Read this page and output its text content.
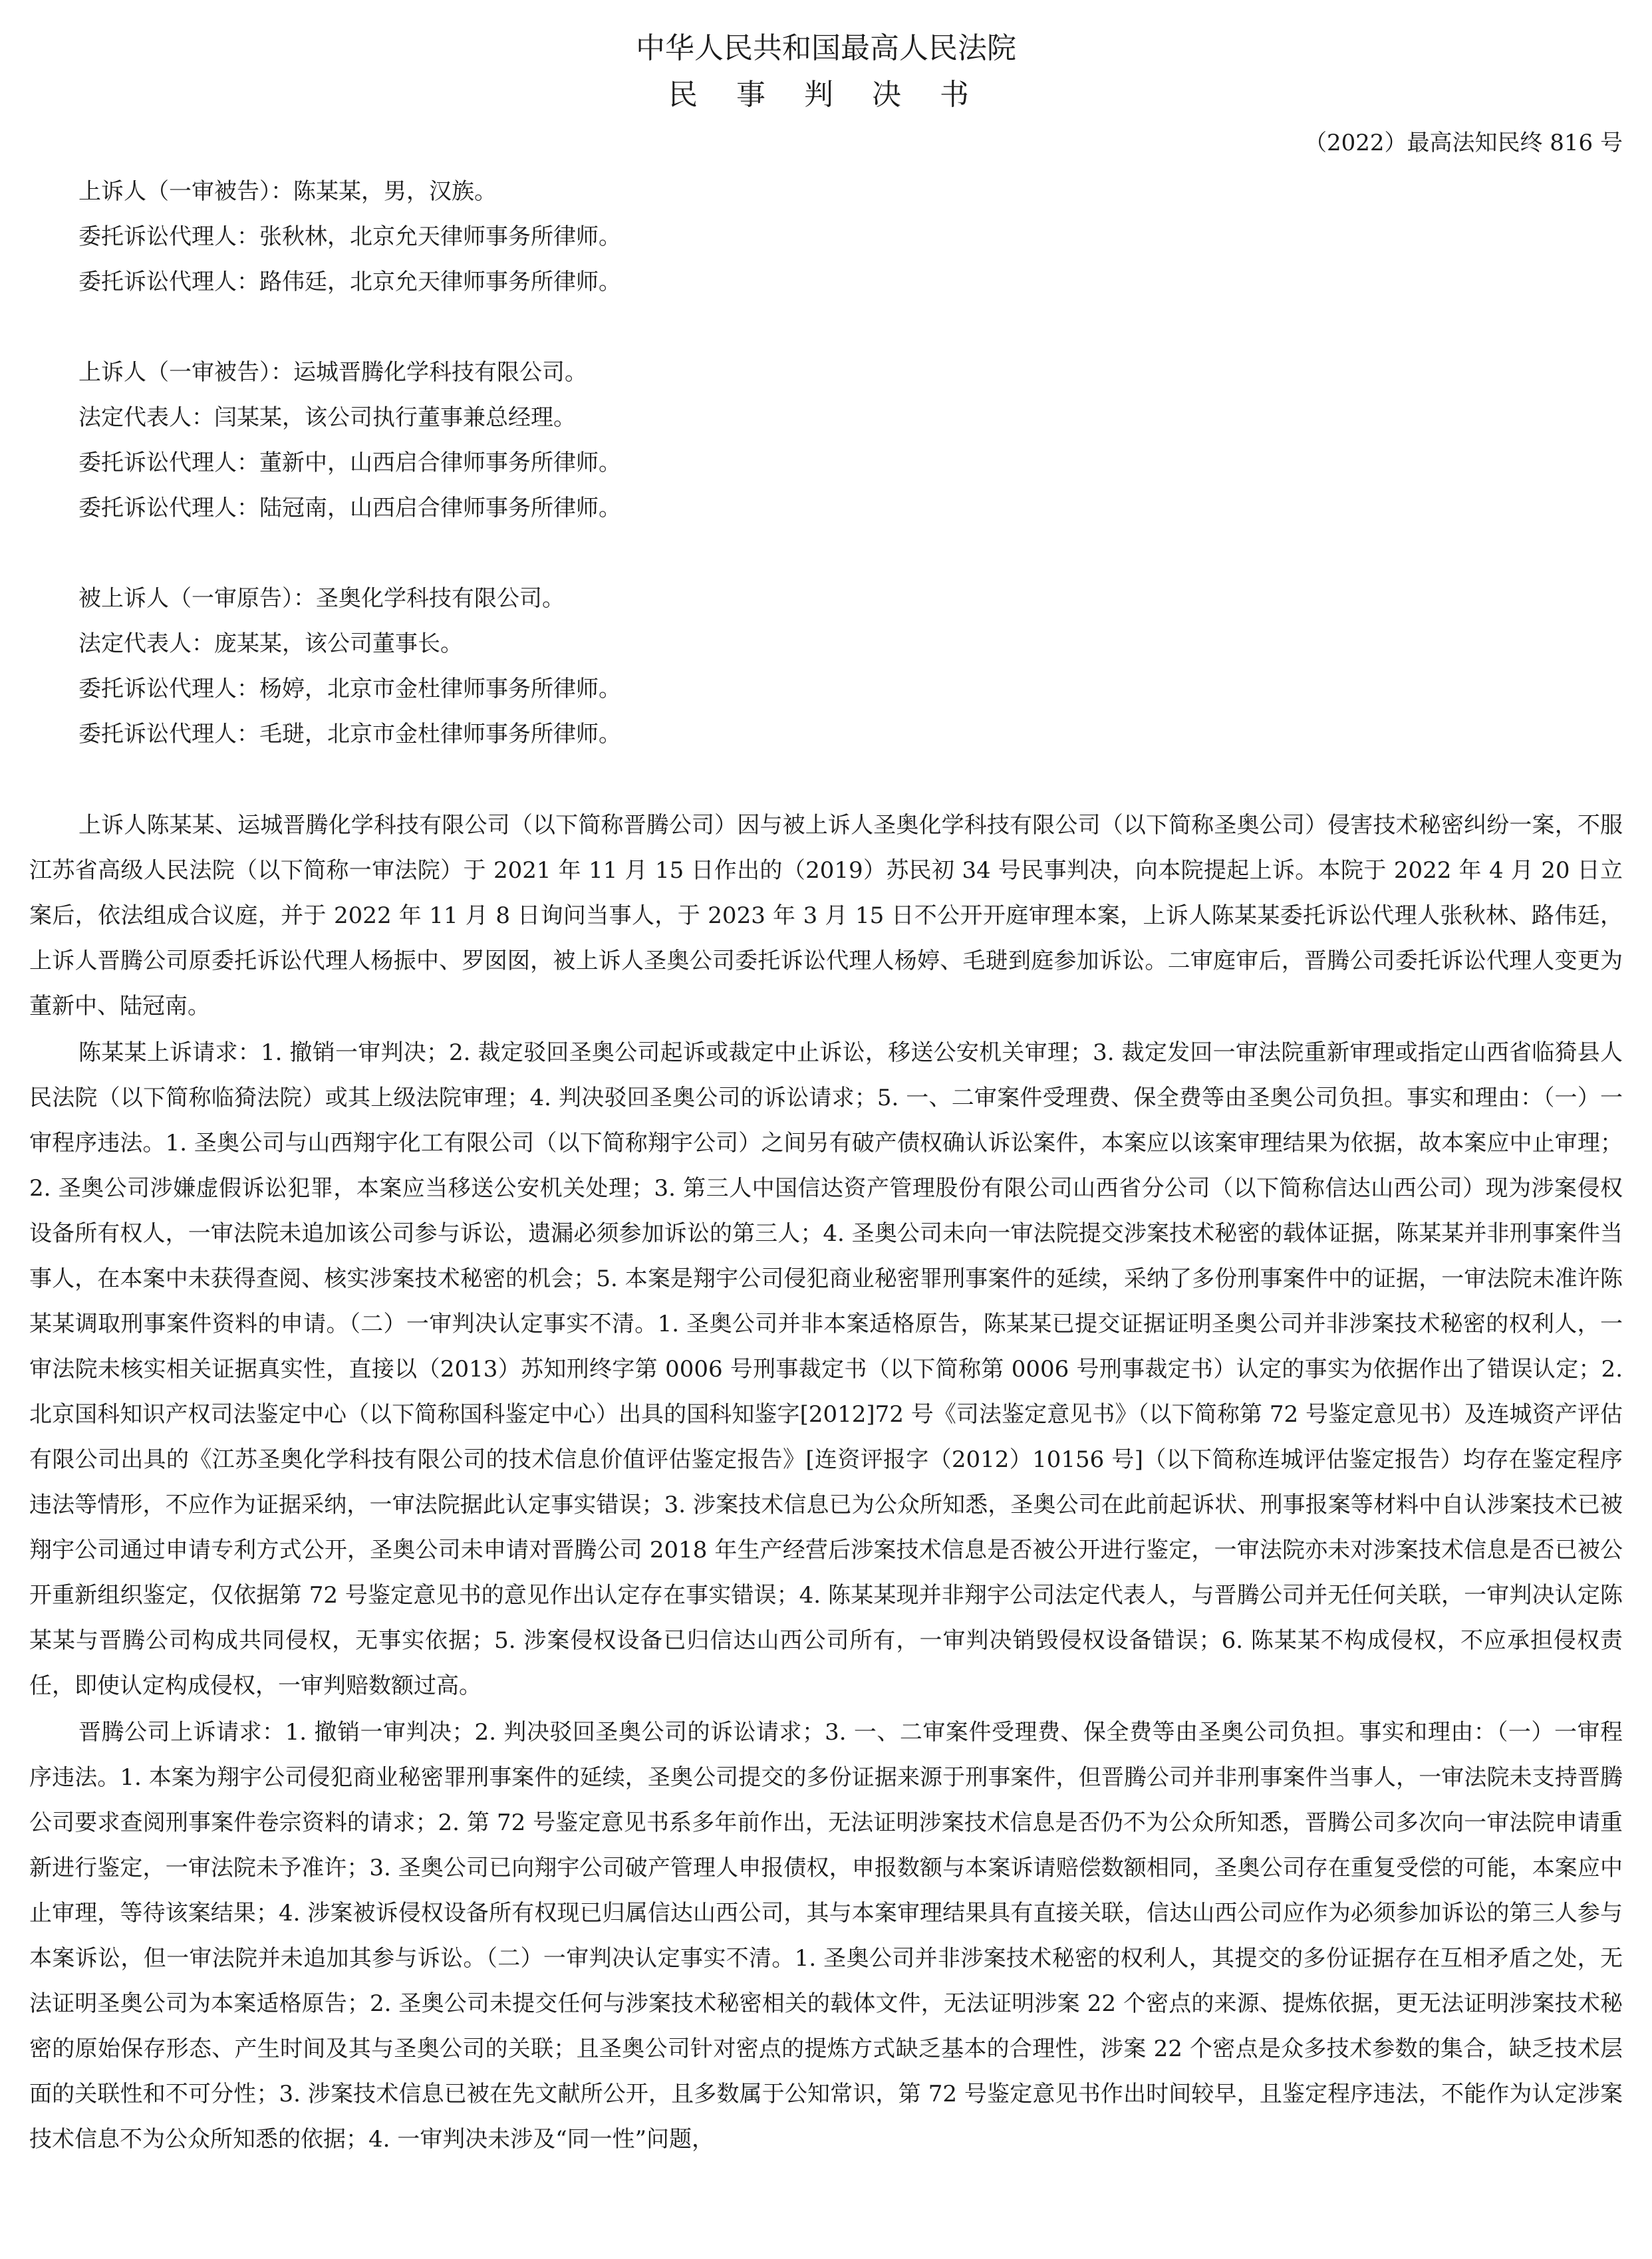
中华人民共和国最高人民法院
民 事 判 决 书
（2022）最高法知民终 816 号
上诉人（一审被告）：陈某某，男，汉族。
委托诉讼代理人：张秋林，北京允天律师事务所律师。
委托诉讼代理人：路伟廷，北京允天律师事务所律师。
上诉人（一审被告）：运城晋腾化学科技有限公司。
法定代表人：闫某某，该公司执行董事兼总经理。
委托诉讼代理人：董新中，山西启合律师事务所律师。
委托诉讼代理人：陆冠南，山西启合律师事务所律师。
被上诉人（一审原告）：圣奥化学科技有限公司。
法定代表人：庞某某，该公司董事长。
委托诉讼代理人：杨婷，北京市金杜律师事务所律师。
委托诉讼代理人：毛琎，北京市金杜律师事务所律师。

上诉人陈某某、运城晋腾化学科技有限公司（以下简称晋腾公司）因与被上诉人圣奥化学科技有限公司（以下简称圣奥公司）侵害技术秘密纠纷一案，不服江苏省高级人民法院（以下简称一审法院）于 2021 年 11 月 15 日作出的（2019）苏民初 34 号民事判决，向本院提起上诉。本院于 2022 年 4 月 20 日立案后，依法组成合议庭，并于 2022 年 11 月 8 日询问当事人，于 2023 年 3 月 15 日不公开开庭审理本案，上诉人陈某某委托诉讼代理人张秋林、路伟廷，上诉人晋腾公司原委托诉讼代理人杨振中、罗囡囡，被上诉人圣奥公司委托诉讼代理人杨婷、毛琎到庭参加诉讼。二审庭审后，晋腾公司委托诉讼代理人变更为董新中、陆冠南。

陈某某上诉请求：1. 撤销一审判决；2. 裁定驳回圣奥公司起诉或裁定中止诉讼，移送公安机关审理；3. 裁定发回一审法院重新审理或指定山西省临猗县人民法院（以下简称临猗法院）或其上级法院审理；4. 判决驳回圣奥公司的诉讼请求；5. 一、二审案件受理费、保全费等由圣奥公司负担。事实和理由：（一）一审程序违法。1. 圣奥公司与山西翔宇化工有限公司（以下简称翔宇公司）之间另有破产债权确认诉讼案件，本案应以该案审理结果为依据，故本案应中止审理；2. 圣奥公司涉嫌虚假诉讼犯罪，本案应当移送公安机关处理；3. 第三人中国信达资产管理股份有限公司山西省分公司（以下简称信达山西公司）现为涉案侵权设备所有权人，一审法院未追加该公司参与诉讼，遗漏必须参加诉讼的第三人；4. 圣奥公司未向一审法院提交涉案技术秘密的载体证据，陈某某并非刑事案件当事人，在本案中未获得查阅、核实涉案技术秘密的机会；5. 本案是翔宇公司侵犯商业秘密罪刑事案件的延续，采纳了多份刑事案件中的证据，一审法院未准许陈某某调取刑事案件资料的申请。（二）一审判决认定事实不清。1. 圣奥公司并非本案适格原告，陈某某已提交证据证明圣奥公司并非涉案技术秘密的权利人，一审法院未核实相关证据真实性，直接以（2013）苏知刑终字第 0006 号刑事裁定书（以下简称第 0006 号刑事裁定书）认定的事实为依据作出了错误认定；2. 北京国科知识产权司法鉴定中心（以下简称国科鉴定中心）出具的国科知鉴字[2012]72 号《司法鉴定意见书》（以下简称第 72 号鉴定意见书）及连城资产评估有限公司出具的《江苏圣奥化学科技有限公司的技术信息价值评估鉴定报告》[连资评报字（2012）10156 号]（以下简称连城评估鉴定报告）均存在鉴定程序违法等情形，不应作为证据采纳，一审法院据此认定事实错误；3. 涉案技术信息已为公众所知悉，圣奥公司在此前起诉状、刑事报案等材料中自认涉案技术已被翔宇公司通过申请专利方式公开，圣奥公司未申请对晋腾公司 2018 年生产经营后涉案技术信息是否被公开进行鉴定，一审法院亦未对涉案技术信息是否已被公开重新组织鉴定，仅依据第 72 号鉴定意见书的意见作出认定存在事实错误；4. 陈某某现并非翔宇公司法定代表人，与晋腾公司并无任何关联，一审判决认定陈某某与晋腾公司构成共同侵权，无事实依据；5. 涉案侵权设备已归信达山西公司所有，一审判决销毁侵权设备错误；6. 陈某某不构成侵权，不应承担侵权责任，即使认定构成侵权，一审判赔数额过高。

晋腾公司上诉请求：1. 撤销一审判决；2. 判决驳回圣奥公司的诉讼请求；3. 一、二审案件受理费、保全费等由圣奥公司负担。事实和理由：（一）一审程序违法。1. 本案为翔宇公司侵犯商业秘密罪刑事案件的延续，圣奥公司提交的多份证据来源于刑事案件，但晋腾公司并非刑事案件当事人，一审法院未支持晋腾公司要求查阅刑事案件卷宗资料的请求；2. 第 72 号鉴定意见书系多年前作出，无法证明涉案技术信息是否仍不为公众所知悉，晋腾公司多次向一审法院申请重新进行鉴定，一审法院未予准许；3. 圣奥公司已向翔宇公司破产管理人申报债权，申报数额与本案诉请赔偿数额相同，圣奥公司存在重复受偿的可能，本案应中止审理，等待该案结果；4. 涉案被诉侵权设备所有权现已归属信达山西公司，其与本案审理结果具有直接关联，信达山西公司应作为必须参加诉讼的第三人参与本案诉讼，但一审法院并未追加其参与诉讼。（二）一审判决认定事实不清。1. 圣奥公司并非涉案技术秘密的权利人，其提交的多份证据存在互相矛盾之处，无法证明圣奥公司为本案适格原告；2. 圣奥公司未提交任何与涉案技术秘密相关的载体文件，无法证明涉案 22 个密点的来源、提炼依据，更无法证明涉案技术秘密的原始保存形态、产生时间及其与圣奥公司的关联；且圣奥公司针对密点的提炼方式缺乏基本的合理性，涉案 22 个密点是众多技术参数的集合，缺乏技术层面的关联性和不可分性；3. 涉案技术信息已被在先文献所公开，且多数属于公知常识，第 72 号鉴定意见书作出时间较早，且鉴定程序违法，不能作为认定涉案技术信息不为公众所知悉的依据；4. 一审判决未涉及“同一性”问题，
